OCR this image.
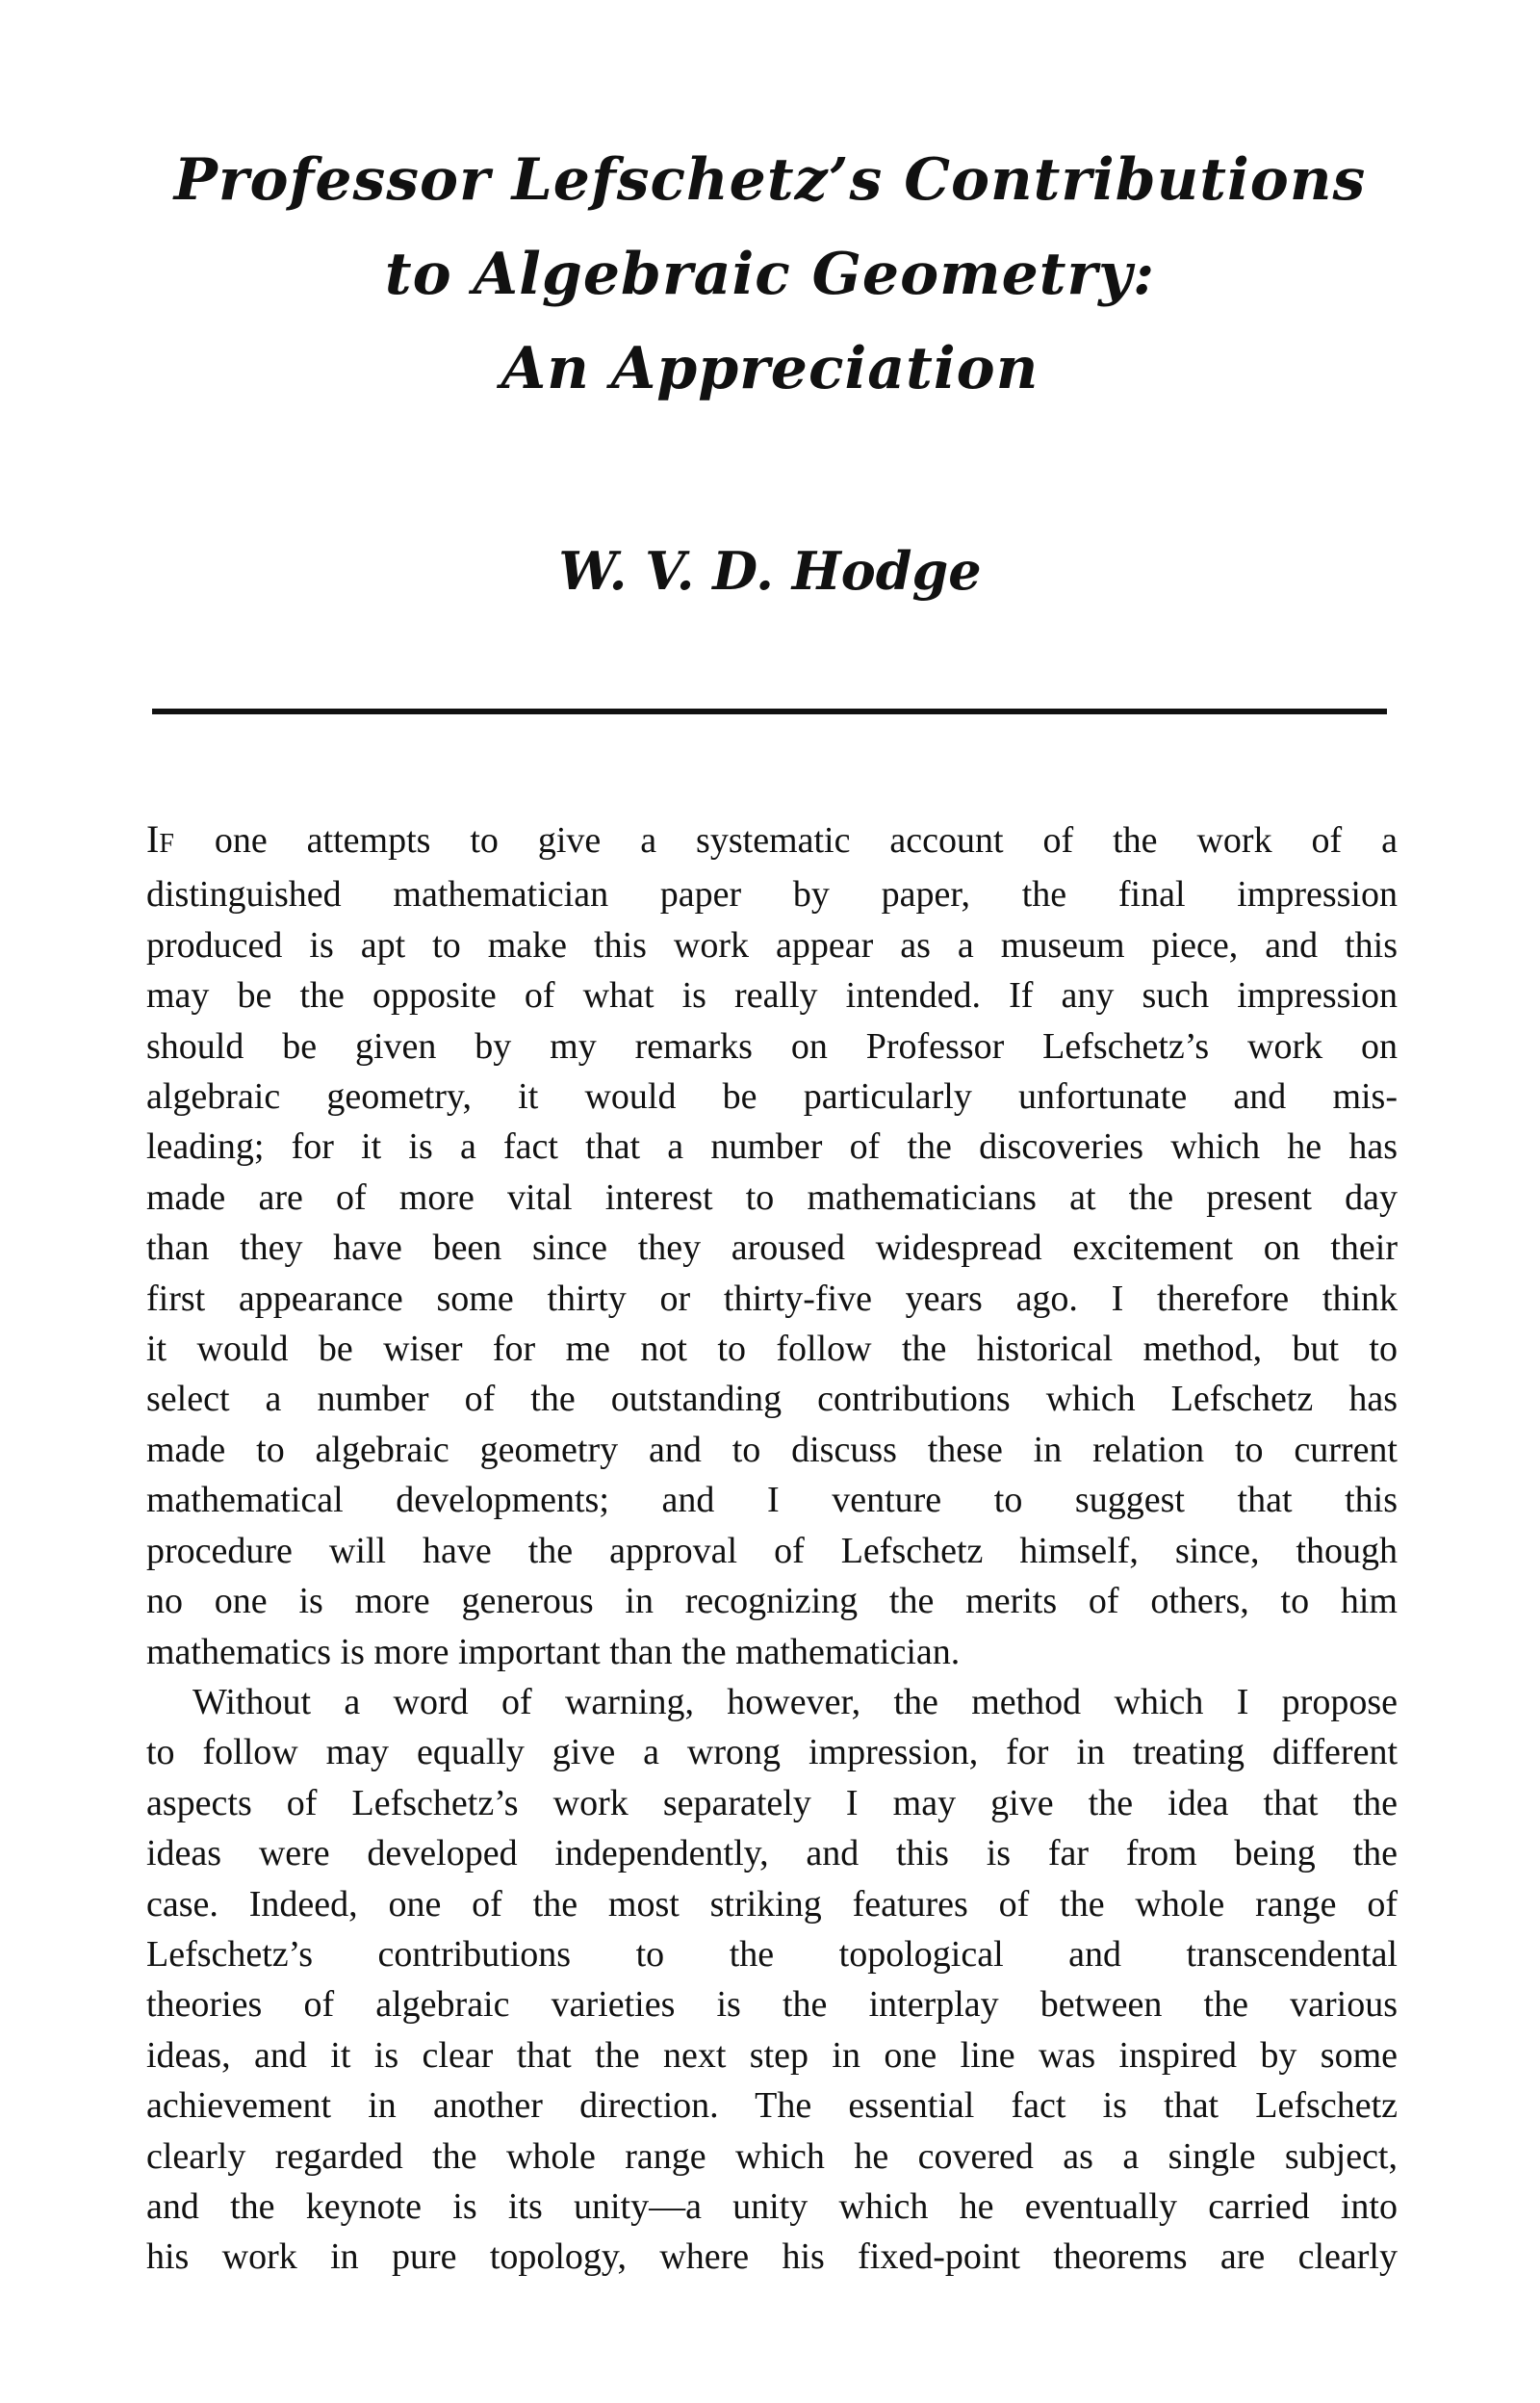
Professor Lefschetz’s Contributions
to Algebraic Geometry:
An Appreciation
W. V. D. Hodge
IF one attempts to give a systematic account of the work of a
distinguished mathematician paper by paper, the final impression
produced is apt to make this work appear as a museum piece, and this
may be the opposite of what is really intended. If any such impression
should be given by my remarks on Professor Lefschetz’s work on
algebraic geometry, it would be particularly unfortunate and mis-
leading; for it is a fact that a number of the discoveries which he has
made are of more vital interest to mathematicians at the present day
than they have been since they aroused widespread excitement on their
first appearance some thirty or thirty-five years ago. I therefore think
it would be wiser for me not to follow the historical method, but to
select a number of the outstanding contributions which Lefschetz has
made to algebraic geometry and to discuss these in relation to current
mathematical developments; and I venture to suggest that this
procedure will have the approval of Lefschetz himself, since, though
no one is more generous in recognizing the merits of others, to him
mathematics is more important than the mathematician.
Without a word of warning, however, the method which I propose
to follow may equally give a wrong impression, for in treating different
aspects of Lefschetz’s work separately I may give the idea that the
ideas were developed independently, and this is far from being the
case. Indeed, one of the most striking features of the whole range of
Lefschetz’s contributions to the topological and transcendental
theories of algebraic varieties is the interplay between the various
ideas, and it is clear that the next step in one line was inspired by some
achievement in another direction. The essential fact is that Lefschetz
clearly regarded the whole range which he covered as a single subject,
and the keynote is its unity—a unity which he eventually carried into
his work in pure topology, where his fixed-point theorems are clearly
